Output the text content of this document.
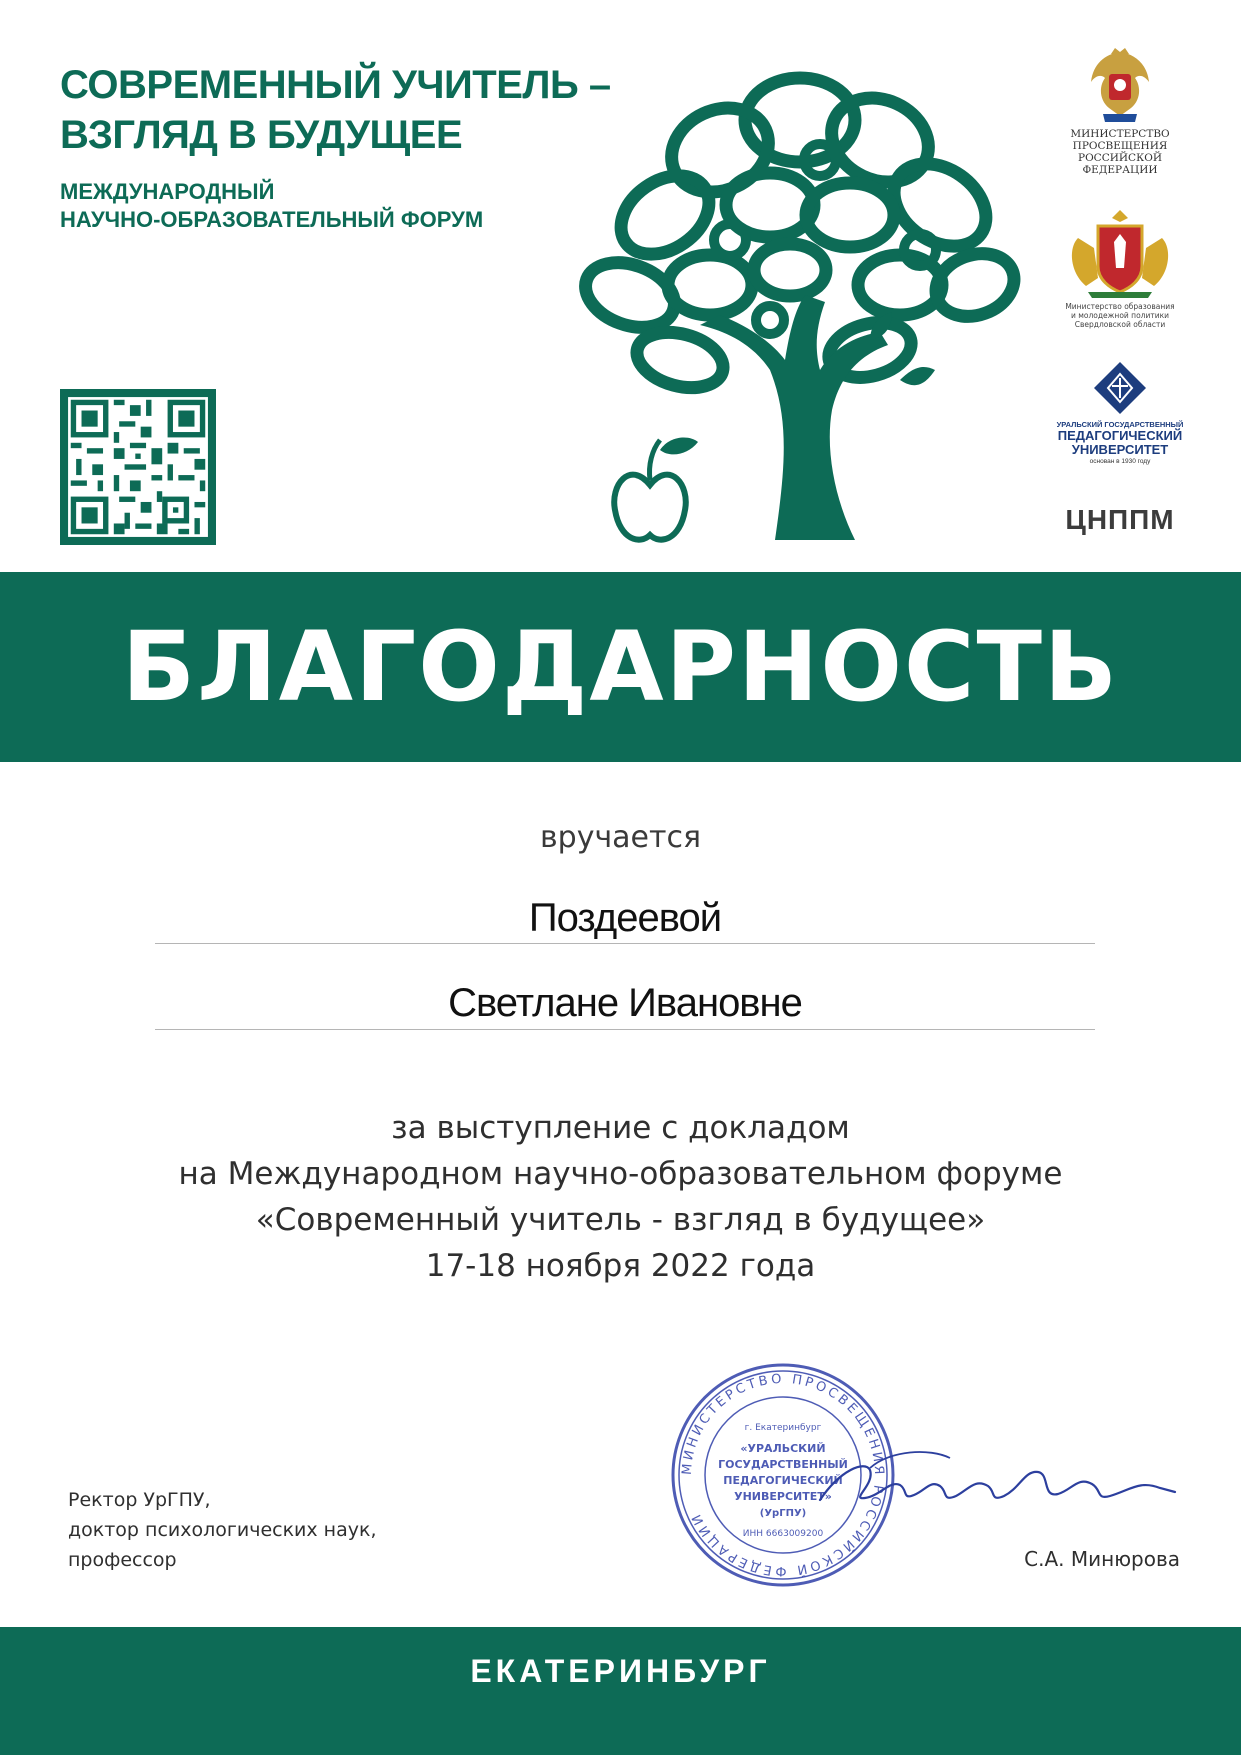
СОВРЕМЕННЫЙ УЧИТЕЛЬ –
ВЗГЛЯД В БУДУЩЕЕ
МЕЖДУНАРОДНЫЙ
НАУЧНО-ОБРАЗОВАТЕЛЬНЫЙ ФОРУМ
МИНИСТЕРСТВО
ПРОСВЕЩЕНИЯ
РОССИЙСКОЙ
ФЕДЕРАЦИИ
Министерство образования
и молодежной политики
Свердловской области
УРАЛЬСКИЙ ГОСУДАРСТВЕННЫЙ
ПЕДАГОГИЧЕСКИЙ
УНИВЕРСИТЕТ
основан в 1930 году
ЦНППМ
БЛАГОДАРНОСТЬ
вручается
Поздеевой
Светлане Ивановне
за выступление с докладом
на Международном научно-образовательном форуме
«Современный учитель - взгляд в будущее»
17-18 ноября 2022 года
Ректор УрГПУ,
доктор психологических наук,
профессор
МИНИСТЕРСТВО ПРОСВЕЩЕНИЯ РОССИЙСКОЙ ФЕДЕРАЦИИ
г. Екатеринбург
«УРАЛЬСКИЙ
ГОСУДАРСТВЕННЫЙ
ПЕДАГОГИЧЕСКИЙ
УНИВЕРСИТЕТ»
(УрГПУ)
ИНН 6663009200
С.А. Минюрова
ЕКАТЕРИНБУРГ
